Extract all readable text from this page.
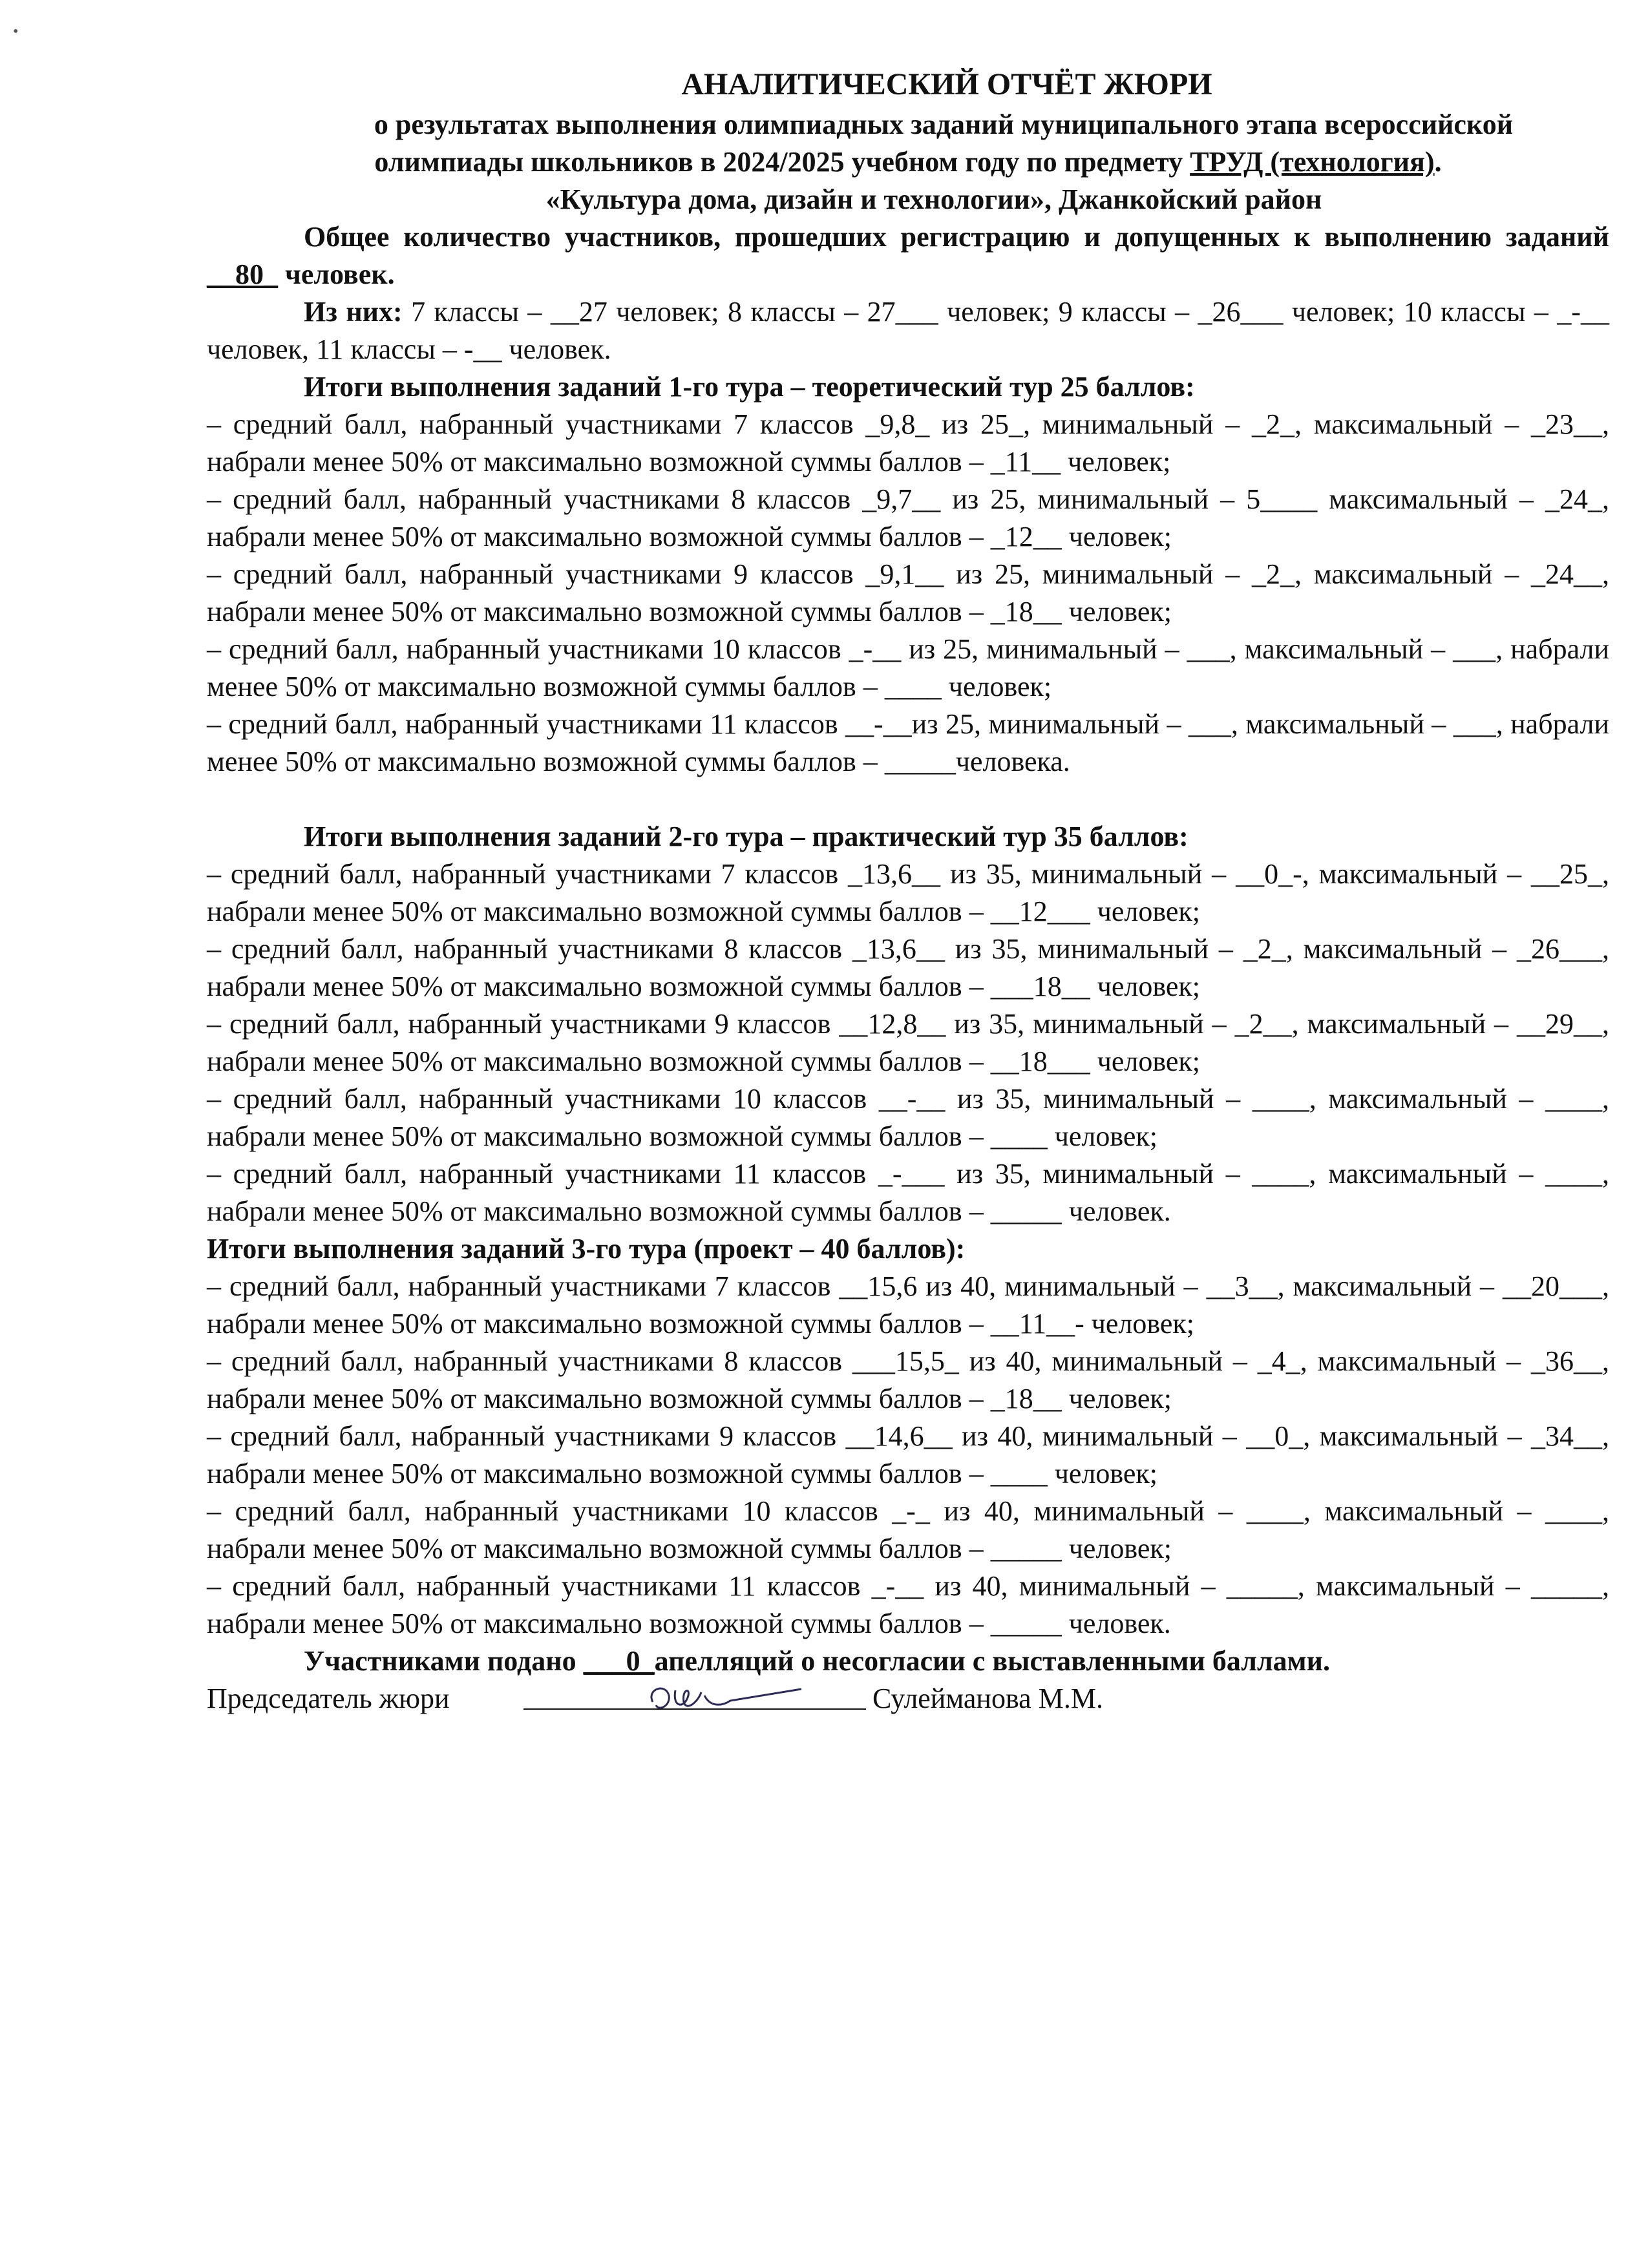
•
АНАЛИТИЧЕСКИЙ ОТЧЁТ ЖЮРИ

о результатах выполнения олимпиадных заданий муниципального этапа всероссийской

олимпиады школьников в 2024/2025 учебном году по предмету ТРУД (технология).

«Культура дома, дизайн и технологии», Джанкойский район

Общее количество участников, прошедших регистрацию и допущенных к выполнению заданий __80_ человек.

Из них: 7 классы – __27 человек; 8 классы – 27___ человек; 9 классы – _26___ человек; 10 классы – _-__ человек, 11 классы – -__ человек.

Итоги выполнения заданий 1-го тура – теоретический тур 25 баллов:

– средний балл, набранный участниками 7 классов _9,8_ из 25_, минимальный – _2_, максимальный – _23__, набрали менее 50% от максимально возможной суммы баллов – _11__ человек;

– средний балл, набранный участниками 8 классов _9,7__ из 25, минимальный – 5____ максимальный – _24_, набрали менее 50% от максимально возможной суммы баллов – _12__ человек;

– средний балл, набранный участниками 9 классов _9,1__ из 25, минимальный – _2_, максимальный – _24__, набрали менее 50% от максимально возможной суммы баллов – _18__ человек;

– средний балл, набранный участниками 10 классов _-__ из 25, минимальный – ___, максимальный – ___, набрали менее 50% от максимально возможной суммы баллов – ____ человек;

– средний балл, набранный участниками 11 классов __-__из 25, минимальный – ___, максимальный – ___, набрали менее 50% от максимально возможной суммы баллов – _____человека.

Итоги выполнения заданий 2-го тура – практический тур 35 баллов:

– средний балл, набранный участниками 7 классов _13,6__ из 35, минимальный – __0_-, максимальный – __25_, набрали менее 50% от максимально возможной суммы баллов – __12___ человек;

– средний балл, набранный участниками 8 классов _13,6__ из 35, минимальный – _2_, максимальный – _26___, набрали менее 50% от максимально возможной суммы баллов – ___18__ человек;

– средний балл, набранный участниками 9 классов __12,8__ из 35, минимальный – _2__, максимальный – __29__, набрали менее 50% от максимально возможной суммы баллов – __18___ человек;

– средний балл, набранный участниками 10 классов __-__ из 35, минимальный – ____, максимальный – ____, набрали менее 50% от максимально возможной суммы баллов – ____ человек;

– средний балл, набранный участниками 11 классов _-___ из 35, минимальный – ____, максимальный – ____, набрали менее 50% от максимально возможной суммы баллов – _____ человек.

Итоги выполнения заданий 3-го тура (проект – 40 баллов):

– средний балл, набранный участниками 7 классов __15,6 из 40, минимальный – __3__, максимальный – __20___, набрали менее 50% от максимально возможной суммы баллов – __11__- человек;

– средний балл, набранный участниками 8 классов ___15,5_ из 40, минимальный – _4_, максимальный – _36__, набрали менее 50% от максимально возможной суммы баллов – _18__ человек;

– средний балл, набранный участниками 9 классов __14,6__ из 40, минимальный – __0_, максимальный – _34__, набрали менее 50% от максимально возможной суммы баллов – ____ человек;

– средний балл, набранный участниками 10 классов _-_ из 40, минимальный – ____, максимальный – ____, набрали менее 50% от максимально возможной суммы баллов – _____ человек;

– средний балл, набранный участниками 11 классов _-__ из 40, минимальный – _____, максимальный – _____, набрали менее 50% от максимально возможной суммы баллов – _____ человек.

Участниками подано ___0_апелляций о несогласии с выставленными баллами.

Председатель жюри	Сулейманова М.М.
